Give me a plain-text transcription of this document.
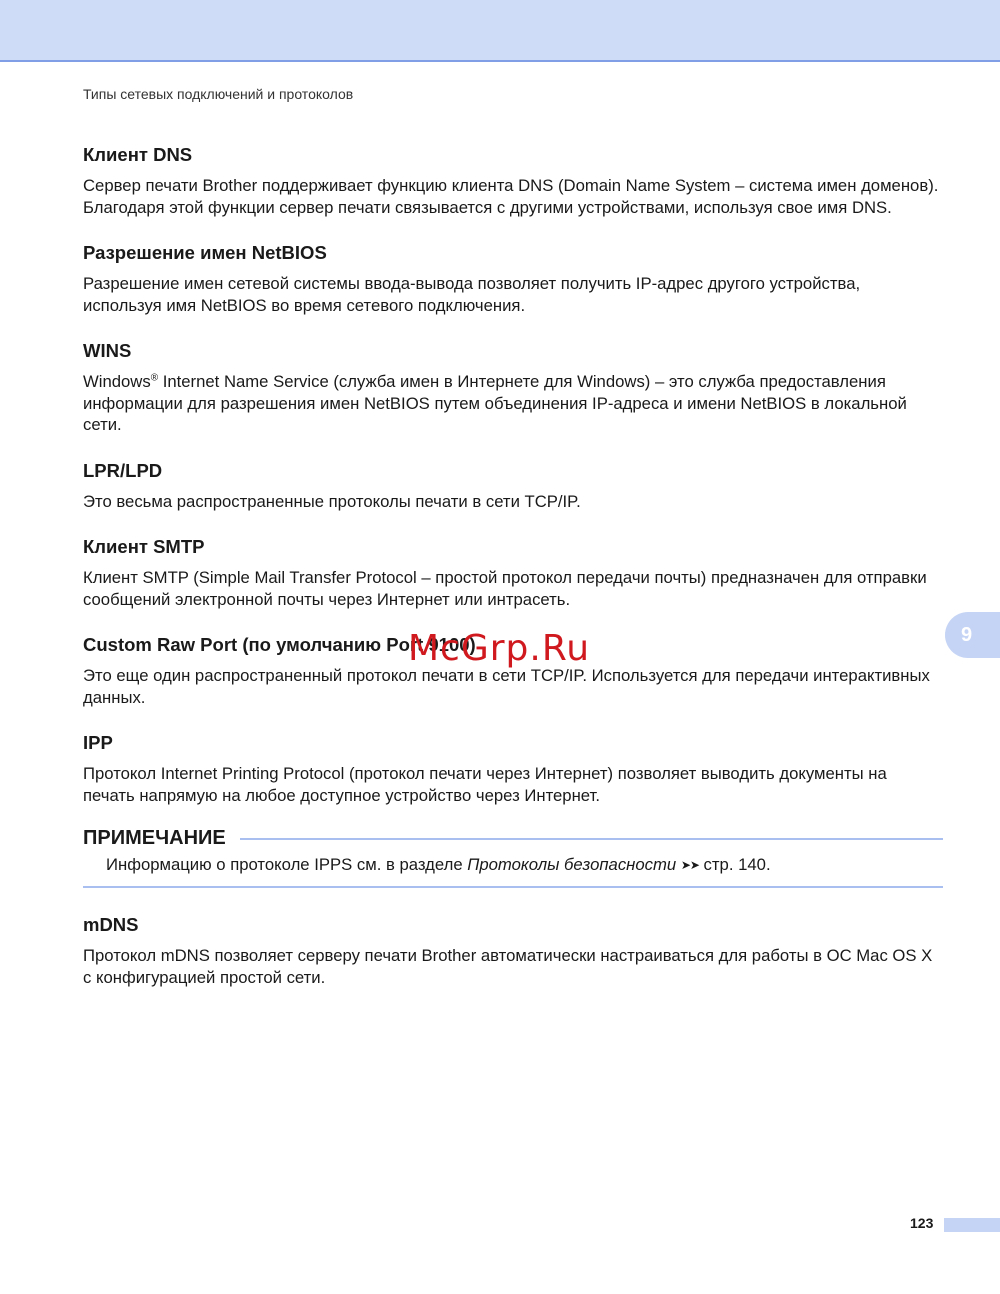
Типы сетевых подключений и протоколов
Клиент DNS

Сервер печати Brother поддерживает функцию клиента DNS (Domain Name System – система имен доменов). Благодаря этой функции сервер печати связывается с другими устройствами, используя свое имя DNS.

Разрешение имен NetBIOS

Разрешение имен сетевой системы ввода-вывода позволяет получить IP-адрес другого устройства, используя имя NetBIOS во время сетевого подключения.

WINS

Windows® Internet Name Service (служба имен в Интернете для Windows) – это служба предоставления информации для разрешения имен NetBIOS путем объединения IP-адреса и имени NetBIOS в локальной сети.

LPR/LPD

Это весьма распространенные протоколы печати в сети TCP/IP.

Клиент SMTP

Клиент SMTP (Simple Mail Transfer Protocol – простой протокол передачи почты) предназначен для отправки сообщений электронной почты через Интернет или интрасеть.

Custom Raw Port (по умолчанию Port 9100)

Это еще один распространенный протокол печати в сети TCP/IP. Используется для передачи интерактивных данных.

IPP

Протокол Internet Printing Protocol (протокол печати через Интернет) позволяет выводить документы на печать напрямую на любое доступное устройство через Интернет.

ПРИМЕЧАНИЕ
Информацию о протоколе IPPS см. в разделе Протоколы безопасности ➤➤ стр. 140.
mDNS

Протокол mDNS позволяет серверу печати Brother автоматически настраиваться для работы в ОС Mac OS X с конфигурацией простой сети.

9
McGrp.Ru
123
